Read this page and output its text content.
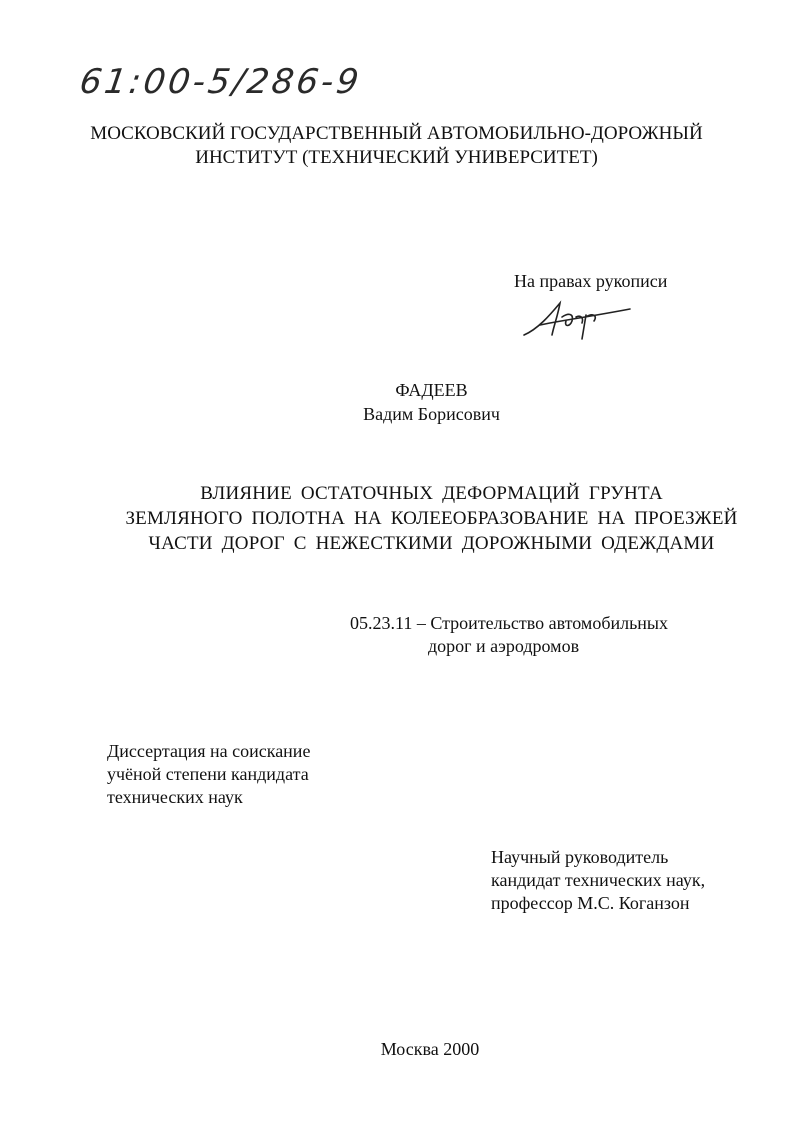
61:00-5/286-9
МОСКОВСКИЙ ГОСУДАРСТВЕННЫЙ АВТОМОБИЛЬНО-ДОРОЖНЫЙ
ИНСТИТУТ (ТЕХНИЧЕСКИЙ УНИВЕРСИТЕТ)
На правах рукописи
ФАДЕЕВ
Вадим Борисович
ВЛИЯНИЕ ОСТАТОЧНЫХ ДЕФОРМАЦИЙ ГРУНТА
ЗЕМЛЯНОГО ПОЛОТНА НА КОЛЕЕОБРАЗОВАНИЕ НА ПРОЕЗЖЕЙ
ЧАСТИ ДОРОГ С НЕЖЕСТКИМИ ДОРОЖНЫМИ ОДЕЖДАМИ
05.23.11 – Строительство автомобильных
дорог и аэродромов
Диссертация на соискание
учёной степени кандидата
технических наук
Научный руководитель
кандидат технических наук,
профессор М.С. Коганзон
Москва 2000
